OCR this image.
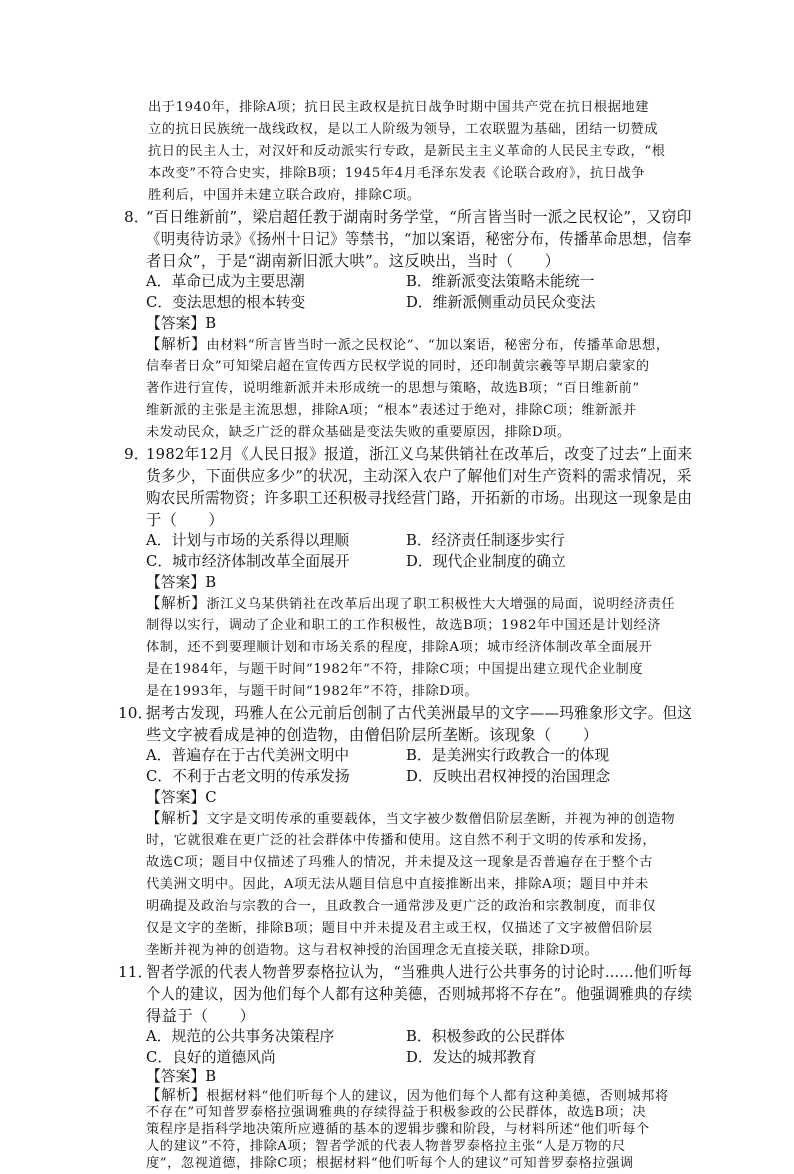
出于1940年，排除A项；抗日民主政权是抗日战争时期中国共产党在抗日根据地建
立的抗日民族统一战线政权，是以工人阶级为领导，工农联盟为基础，团结一切赞成
抗日的民主人士，对汉奸和反动派实行专政，是新民主主义革命的人民民主专政，“根
本改变”不符合史实，排除B项；1945年4月毛泽东发表《论联合政府》，抗日战争
胜利后，中国并未建立联合政府，排除C项。
8．
“百日维新前”，梁启超任教于湖南时务学堂，“所言皆当时一派之民权论”，又窃印
《明夷待访录》《扬州十日记》等禁书，“加以案语，秘密分布，传播革命思想，信奉
者日众”，于是“湖南新旧派大哄”。这反映出，当时（　　）
A．革命已成为主要思潮	B．维新派变法策略未能统一
C．变法思想的根本转变	D．维新派侧重动员民众变法
【答案】B
【解析】由材料“所言皆当时一派之民权论”、“加以案语，秘密分布，传播革命思想，
信奉者日众”可知梁启超在宣传西方民权学说的同时，还印制黄宗羲等早期启蒙家的
著作进行宣传，说明维新派并未形成统一的思想与策略，故选B项；“百日维新前”
维新派的主张是主流思想，排除A项；“根本”表述过于绝对，排除C项；维新派并
未发动民众，缺乏广泛的群众基础是变法失败的重要原因，排除D项。
9．
1982年12月《人民日报》报道，浙江义乌某供销社在改革后，改变了过去“上面来
货多少，下面供应多少”的状况，主动深入农户了解他们对生产资料的需求情况，采
购农民所需物资；许多职工还积极寻找经营门路，开拓新的市场。出现这一现象是由
于（　　）
A．计划与市场的关系得以理顺	B．经济责任制逐步实行
C．城市经济体制改革全面展开	D．现代企业制度的确立
【答案】B
【解析】浙江义乌某供销社在改革后出现了职工积极性大大增强的局面，说明经济责任
制得以实行，调动了企业和职工的工作积极性，故选B项；1982年中国还是计划经济
体制，还不到要理顺计划和市场关系的程度，排除A项；城市经济体制改革全面展开
是在1984年，与题干时间“1982年”不符，排除C项；中国提出建立现代企业制度
是在1993年，与题干时间“1982年”不符，排除D项。
10．
据考古发现，玛雅人在公元前后创制了古代美洲最早的文字——玛雅象形文字。但这
些文字被看成是神的创造物，由僧侣阶层所垄断。该现象（　　）
A．普遍存在于古代美洲文明中	B．是美洲实行政教合一的体现
C．不利于古老文明的传承发扬	D．反映出君权神授的治国理念
【答案】C
【解析】文字是文明传承的重要载体，当文字被少数僧侣阶层垄断，并视为神的创造物
时，它就很难在更广泛的社会群体中传播和使用。这自然不利于文明的传承和发扬，
故选C项；题目中仅描述了玛雅人的情况，并未提及这一现象是否普遍存在于整个古
代美洲文明中。因此，A项无法从题目信息中直接推断出来，排除A项；题目中并未
明确提及政治与宗教的合一，且政教合一通常涉及更广泛的政治和宗教制度，而非仅
仅是文字的垄断，排除B项；题目中并未提及君主或王权，仅描述了文字被僧侣阶层
垄断并视为神的创造物。这与君权神授的治国理念无直接关联，排除D项。
11．
智者学派的代表人物普罗泰格拉认为，“当雅典人进行公共事务的讨论时……他们听每
个人的建议，因为他们每个人都有这种美德，否则城邦将不存在”。他强调雅典的存续
得益于（　　）
A．规范的公共事务决策程序	B．积极参政的公民群体
C．良好的道德风尚	D．发达的城邦教育
【答案】B
【解析】根据材料“他们听每个人的建议，因为他们每个人都有这种美德，否则城邦将
不存在”可知普罗泰格拉强调雅典的存续得益于积极参政的公民群体，故选B项；决
策程序是指科学地决策所应遵循的基本的逻辑步骤和阶段，与材料所述“他们听每个
人的建议”不符，排除A项；智者学派的代表人物普罗泰格拉主张“人是万物的尺
度”，忽视道德，排除C项；根据材料“他们听每个人的建议”可知普罗泰格拉强调
